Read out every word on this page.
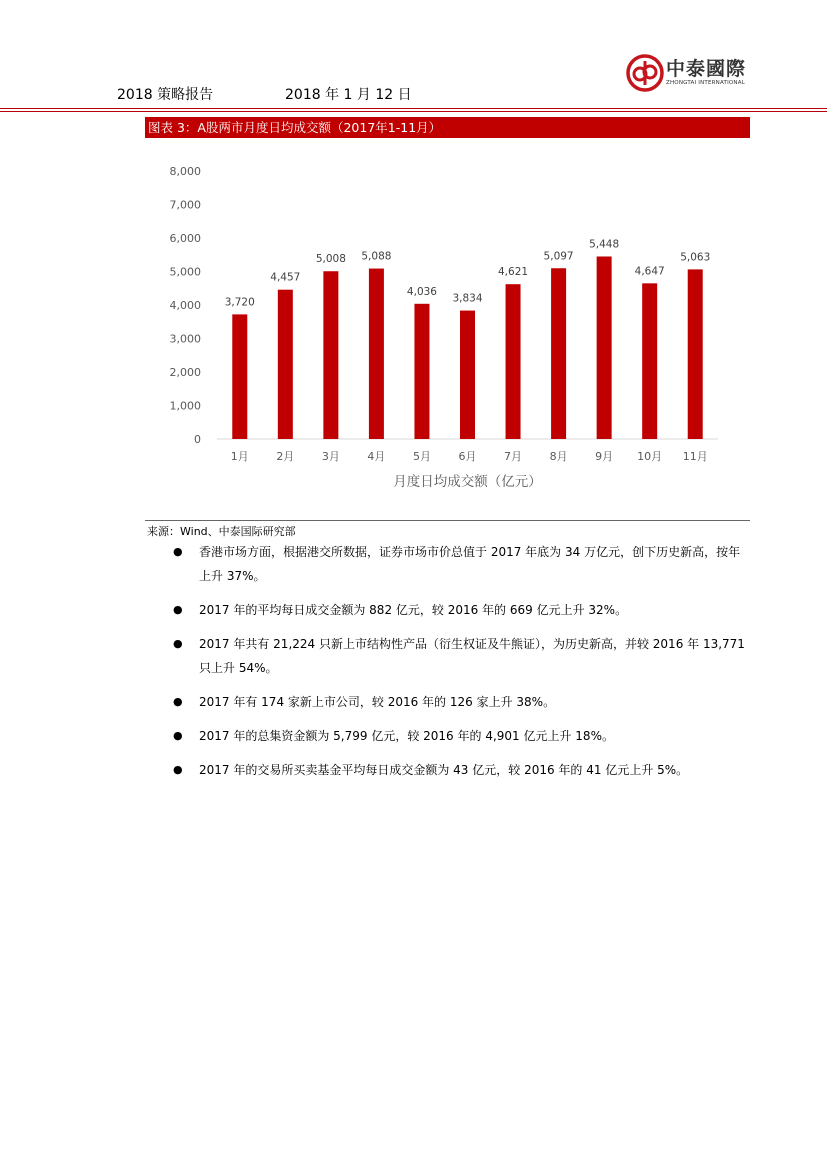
2018 策略报告	2018 年 1 月 12 日
中泰國際
ZHONGTAI INTERNATIONAL
图表 3：A股两市月度日均成交额（2017年1-11月）
0
1,000
2,000
3,000
4,000
5,000
6,000
7,000
8,000
3,720
1月
4,457
2月
5,008
3月
5,088
4月
4,036
5月
3,834
6月
4,621
7月
5,097
8月
5,448
9月
4,647
10月
5,063
11月
月度日均成交额（亿元）
来源：Wind、中泰国际研究部
● 香港市场方面，根据港交所数据，证券市场市价总值于 2017 年底为 34 万亿元，创下历史新高，按年上升 37%。
● 2017 年的平均每日成交金额为 882 亿元，较 2016 年的 669 亿元上升 32%。
● 2017 年共有 21,224 只新上市结构性产品（衍生权证及牛熊证），为历史新高，并较 2016 年 13,771 只上升 54%。
● 2017 年有 174 家新上市公司，较 2016 年的 126 家上升 38%。
● 2017 年的总集资金额为 5,799 亿元，较 2016 年的 4,901 亿元上升 18%。
● 2017 年的交易所买卖基金平均每日成交金额为 43 亿元，较 2016 年的 41 亿元上升 5%。
